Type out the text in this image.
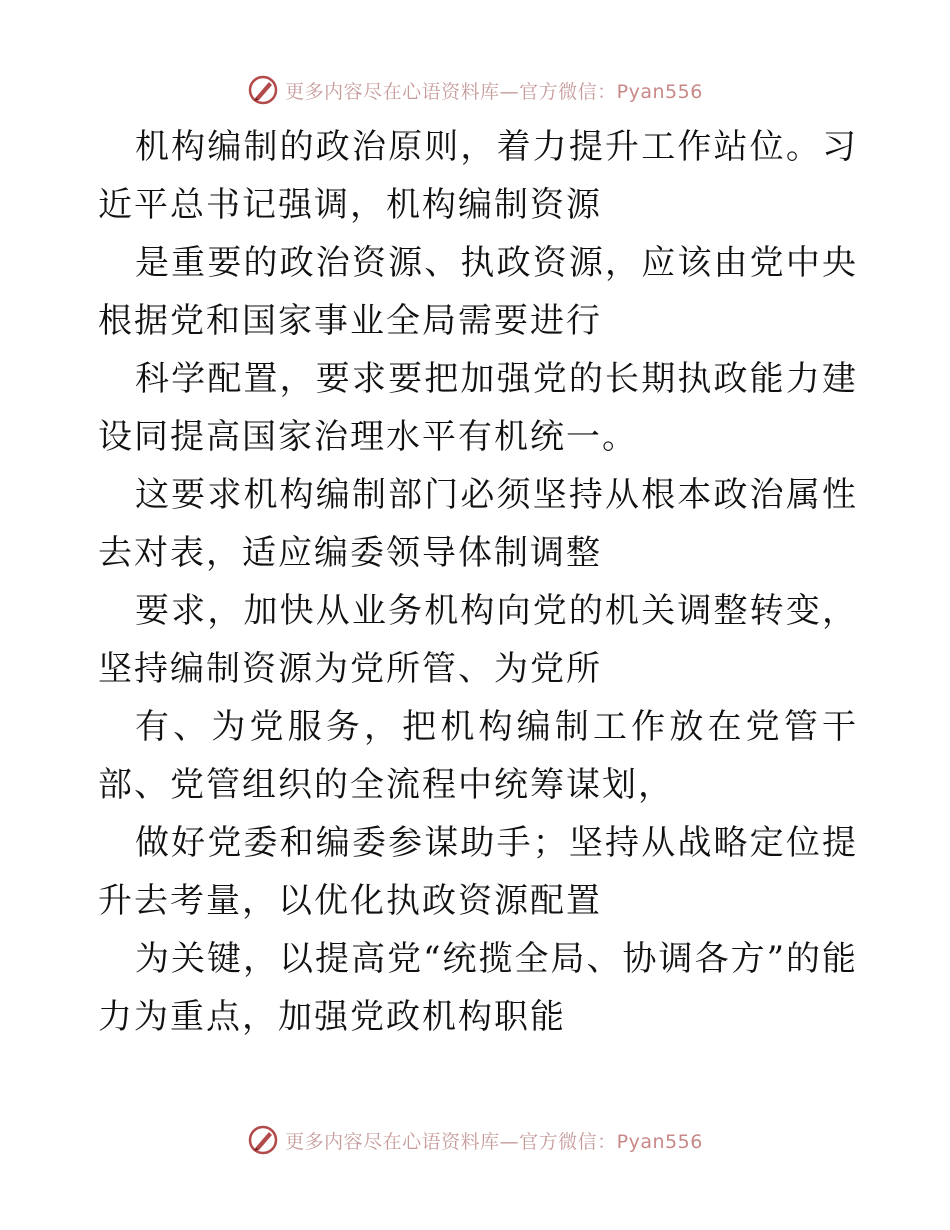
更多内容尽在心语资料库—官方微信：Pyan556

机构编制的政治原则，着力提升工作站位。习近平总书记强调，机构编制资源

是重要的政治资源、执政资源，应该由党中央根据党和国家事业全局需要进行

科学配置，要求要把加强党的长期执政能力建设同提高国家治理水平有机统一。

这要求机构编制部门必须坚持从根本政治属性去对表，适应编委领导体制调整

要求，加快从业务机构向党的机关调整转变，坚持编制资源为党所管、为党所

有、为党服务，把机构编制工作放在党管干部、党管组织的全流程中统筹谋划，

做好党委和编委参谋助手；坚持从战略定位提升去考量，以优化执政资源配置

为关键，以提高党“统揽全局、协调各方”的能力为重点，加强党政机构职能

更多内容尽在心语资料库—官方微信：Pyan556
